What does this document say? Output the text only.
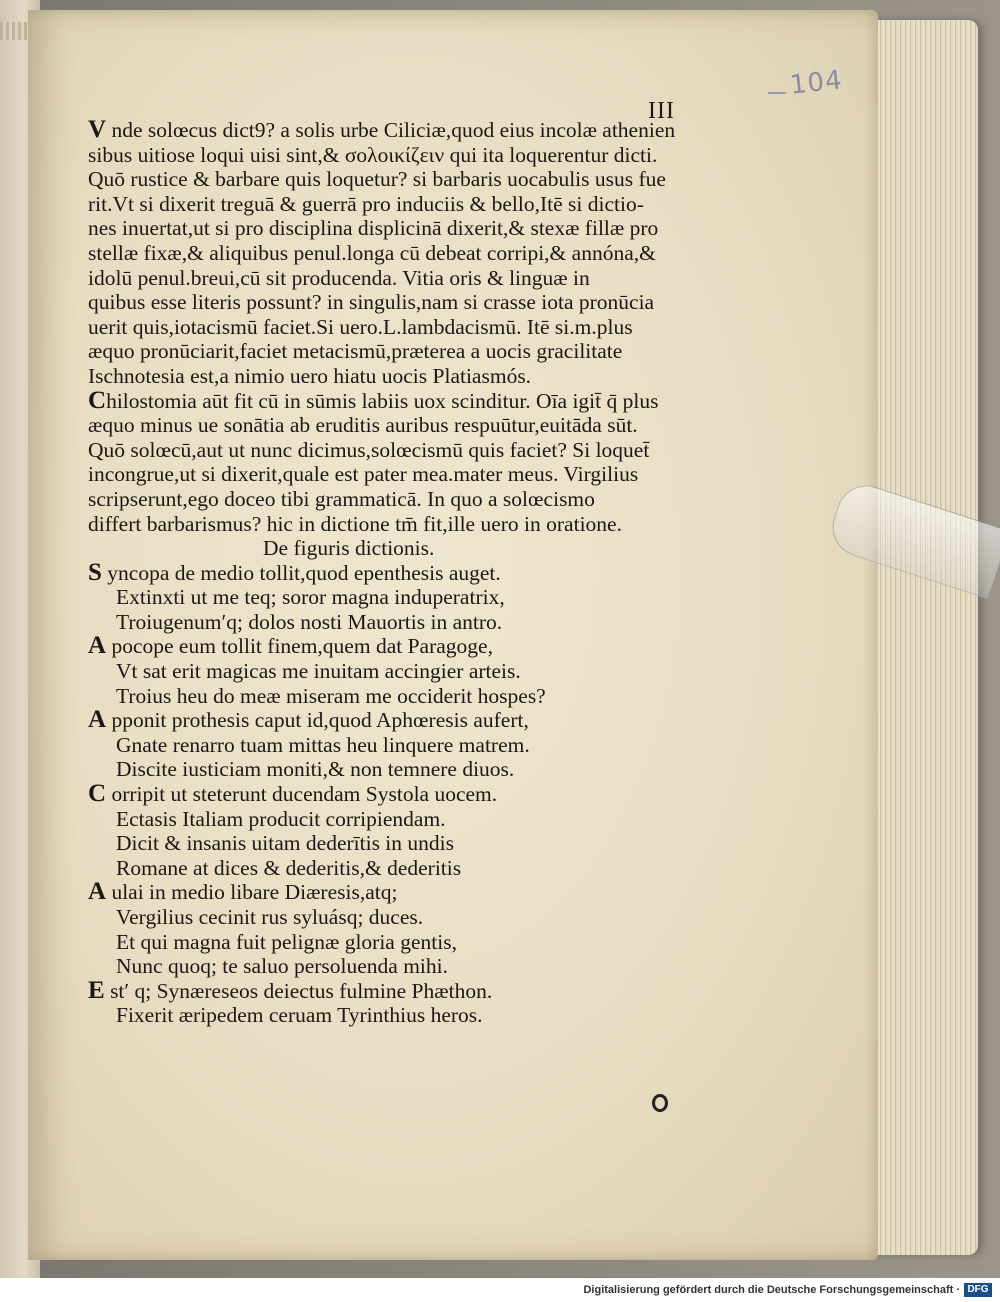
104
III
V nde solœcus dict9? a solis urbe Ciliciæ,quod eius incolæ athenien
sibus uitiose loqui uisi sint,& σολοικίζειν qui ita loquerentur dicti.
Quō rustice & barbare quis loquetur? si barbaris uocabulis usus fue
rit.Vt si dixerit treguā & guerrā pro induciis & bello,Itē si dictio-
nes inuertat,ut si pro disciplina displicinā dixerit,& stexæ fillæ pro
stellæ fixæ,& aliquibus penul.longa cū debeat corripi,& annóna,&
idolū penul.breui,cū sit producenda. Vitia oris & linguæ in
quibus esse literis possunt? in singulis,nam si crasse iota pronūcia
uerit quis,iotacismū faciet.Si uero.L.lambdacismū. Itē si.m.plus
æquo pronūciarit,faciet metacismū,præterea a uocis gracilitate
Ischnotesia est,a nimio uero hiatu uocis Platiasmós.
Chilostomia aūt fit cū in sūmis labiis uox scinditur. Oīa igit̄ q̄ plus
æquo minus ue sonātia ab eruditis auribus respuūtur,euitāda sūt.
Quō solœcū,aut ut nunc dicimus,solœcismū quis faciet? Si loquet̄
incongrue,ut si dixerit,quale est pater mea.mater meus. Virgilius
scripserunt,ego doceo tibi grammaticā. In quo a solœcismo
differt barbarismus? hic in dictione tm̄ fit,ille uero in oratione.
De figuris dictionis.
S yncopa de medio tollit,quod epenthesis auget.
Extinxti ut me teq; soror magna induperatrix,
Troiugenum′q; dolos nosti Mauortis in antro.
A pocope eum tollit finem,quem dat Paragoge,
Vt sat erit magicas me inuitam accingier arteis.
Troius heu do meæ miseram me occiderit hospes?
A pponit prothesis caput id,quod Aphœresis aufert,
Gnate renarro tuam mittas heu linquere matrem.
Discite iusticiam moniti,& non temnere diuos.
C orripit ut steterunt ducendam Systola uocem.
Ectasis Italiam producit corripiendam.
Dicit & insanis uitam dederītis in undis
Romane at dices & dederitis,& dederitis
A ulai in medio libare Diæresis,atq;
Vergilius cecinit rus syluásq; duces.
Et qui magna fuit pelignæ gloria gentis,
Nunc quoq; te saluo persoluenda mihi.
E st′ q; Synæreseos deiectus fulmine Phæthon.
Fixerit æripedem ceruam Tyrinthius heros.
Digitalisierung gefördert durch die Deutsche Forschungsgemeinschaft · DFG
